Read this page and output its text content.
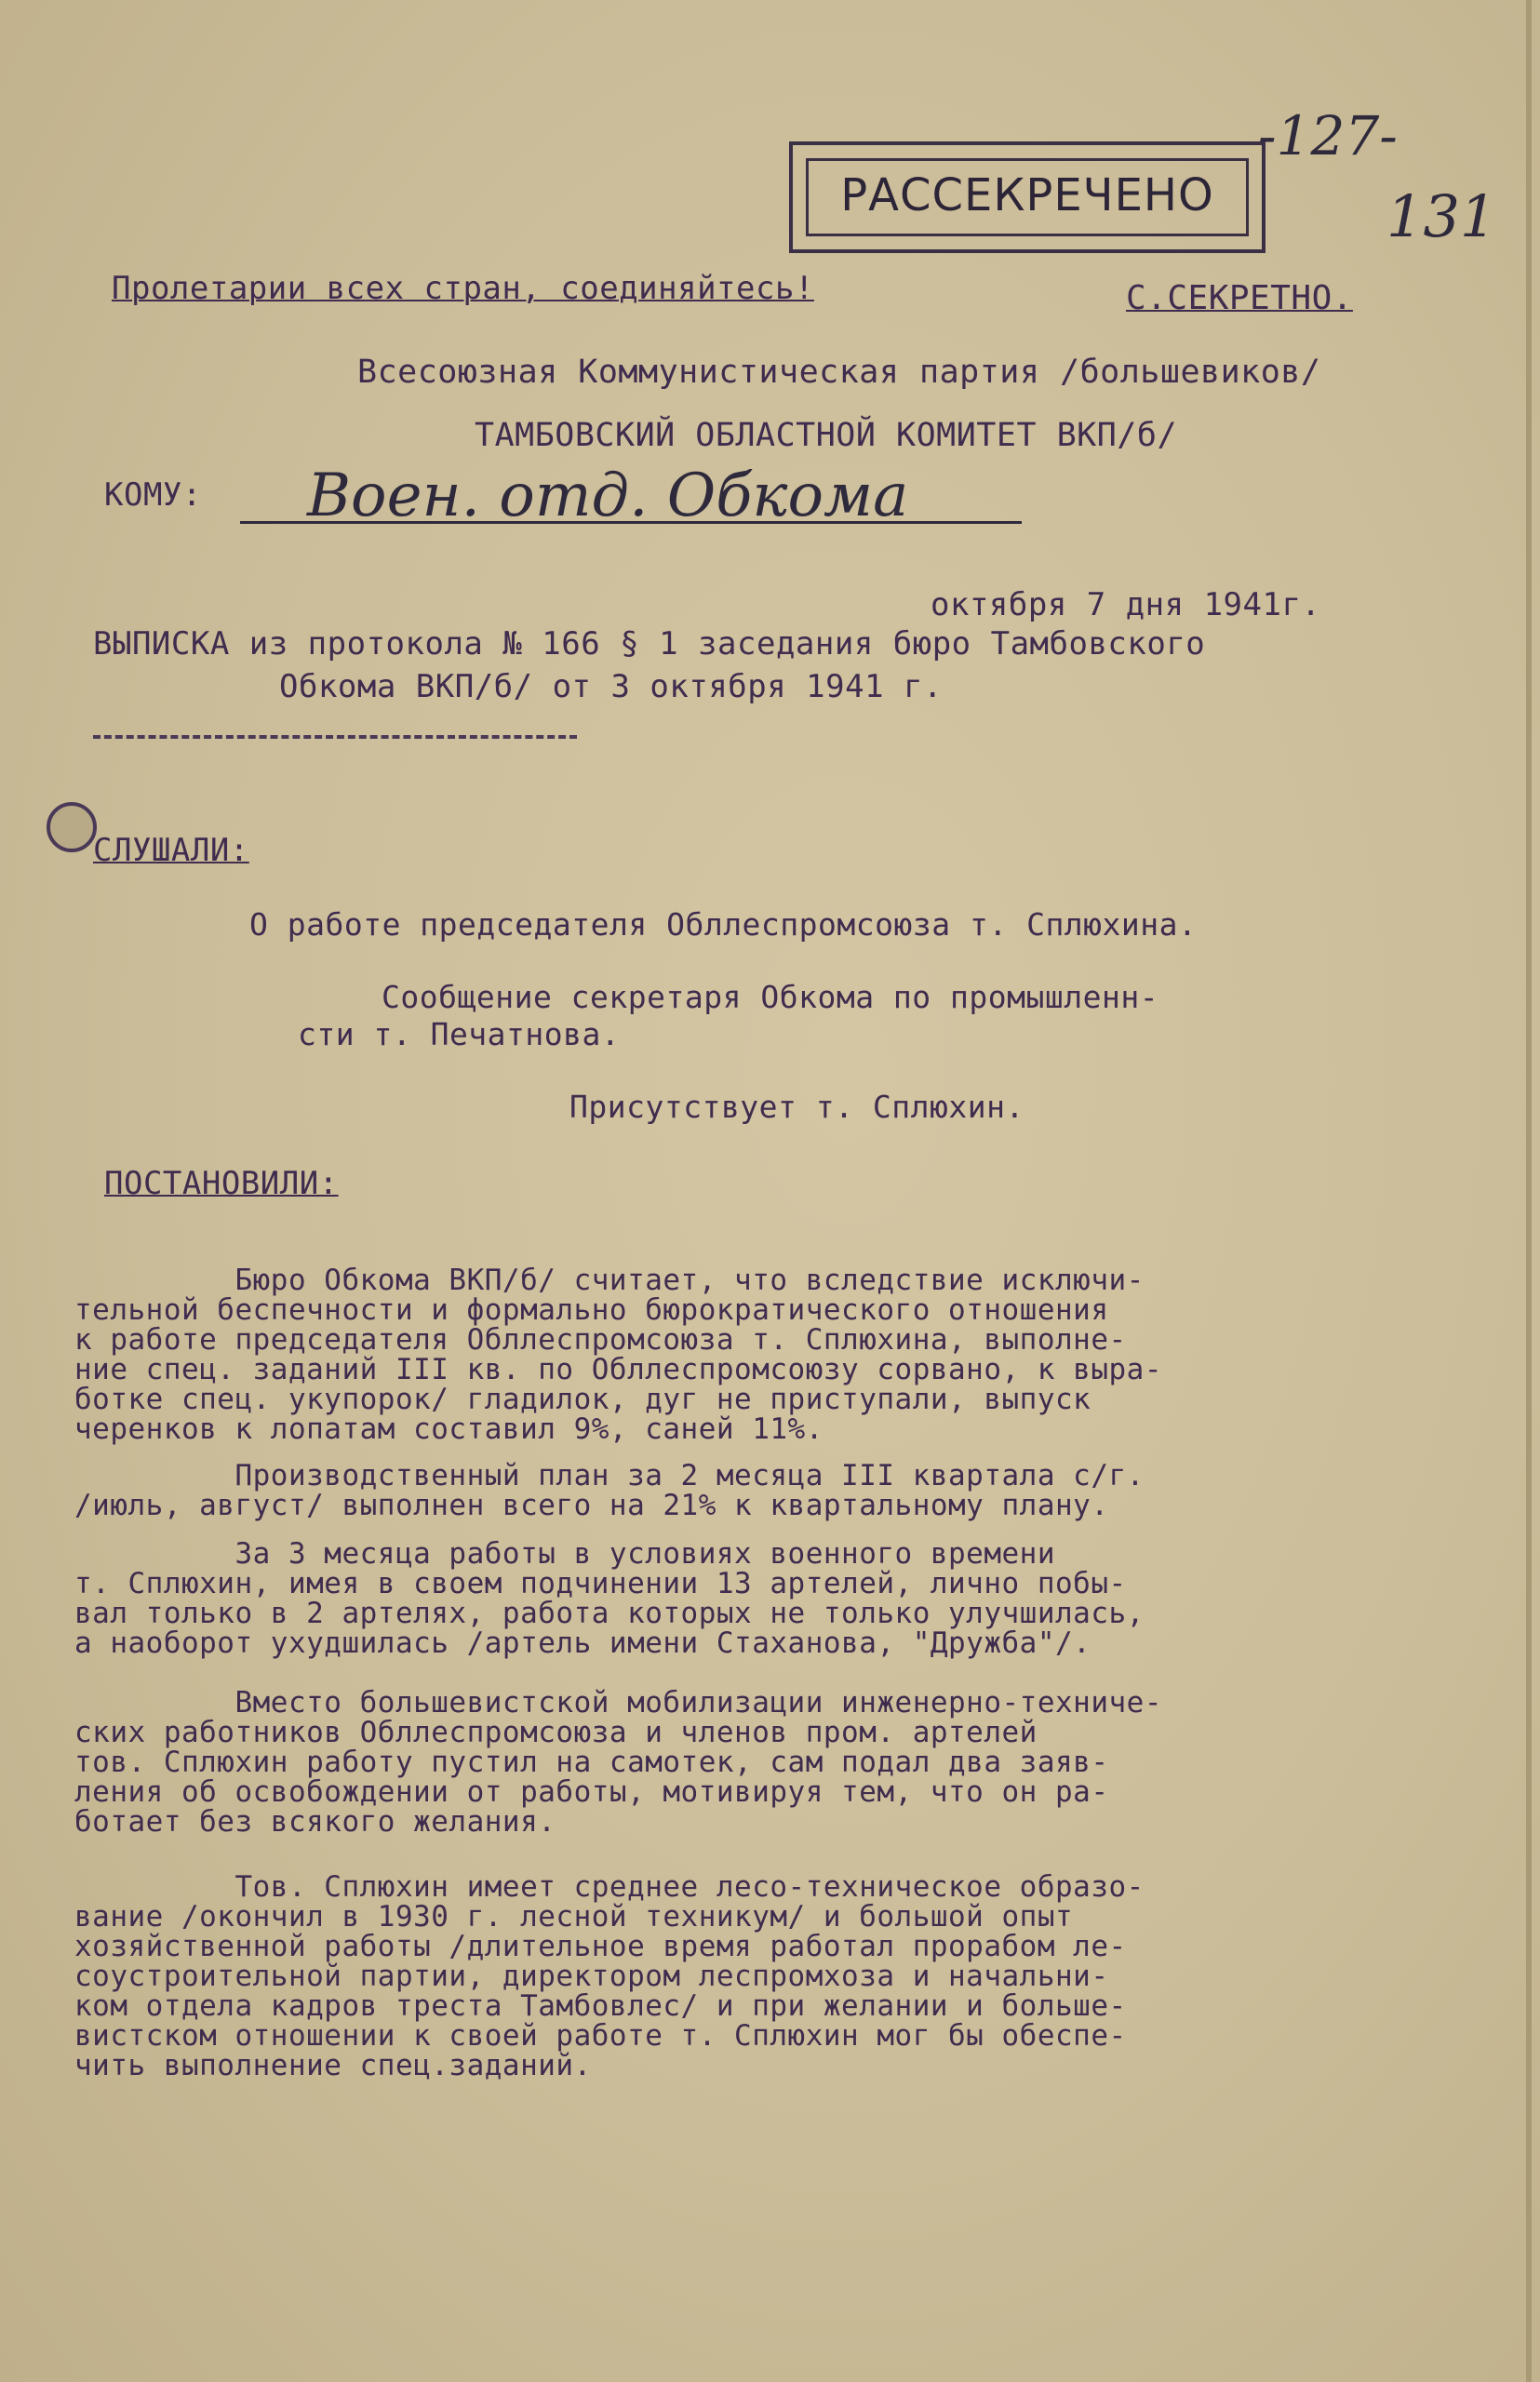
-127-
131
РАССЕКРЕЧЕНО
Пролетарии всех стран, соединяйтесь!	С.СЕКРЕТНО.
Всесоюзная Коммунистическая партия /большевиков/
ТАМБОВСКИЙ ОБЛАСТНОЙ КОМИТЕТ ВКП/б/
КОМУ: Воен. отд. Обкома
октября 7 дня 1941г.
ВЫПИСКА из протокола № 166 § 1 заседания бюро Тамбовского
Обкома ВКП/б/ от 3 октября 1941 г.
СЛУШАЛИ:
О работе председателя Обллеспромсоюза т. Сплюхина.
Сообщение секретаря Обкома по промышленн-
сти т. Печатнова.
Присутствует т. Сплюхин.
ПОСТАНОВИЛИ:
Бюро Обкома ВКП/б/ считает, что вследствие исключи-
тельной беспечности и формально бюрократического отношения
к работе председателя Обллеспромсоюза т. Сплюхина, выполне-
ние спец. заданий III кв. по Обллеспромсоюзу сорвано, к выра-
ботке спец. укупорок/ гладилок, дуг не приступали, выпуск
черенков к лопатам составил 9%, саней 11%.
Производственный план за 2 месяца III квартала с/г.
/июль, август/ выполнен всего на 21% к квартальному плану.
За 3 месяца работы в условиях военного времени
т. Сплюхин, имея в своем подчинении 13 артелей, лично побы-
вал только в 2 артелях, работа которых не только улучшилась,
а наоборот ухудшилась /артель имени Стаханова, "Дружба"/.
Вместо большевистской мобилизации инженерно-техниче-
ских работников Обллеспромсоюза и членов пром. артелей
тов. Сплюхин работу пустил на самотек, сам подал два заяв-
ления об освобождении от работы, мотивируя тем, что он ра-
ботает без всякого желания.
Тов. Сплюхин имеет среднее лесо-техническое образо-
вание /окончил в 1930 г. лесной техникум/ и большой опыт
хозяйственной работы /длительное время работал прорабом ле-
соустроительной партии, директором леспромхоза и начальни-
ком отдела кадров треста Тамбовлес/ и при желании и больше-
вистском отношении к своей работе т. Сплюхин мог бы обеспе-
чить выполнение спец.заданий.
